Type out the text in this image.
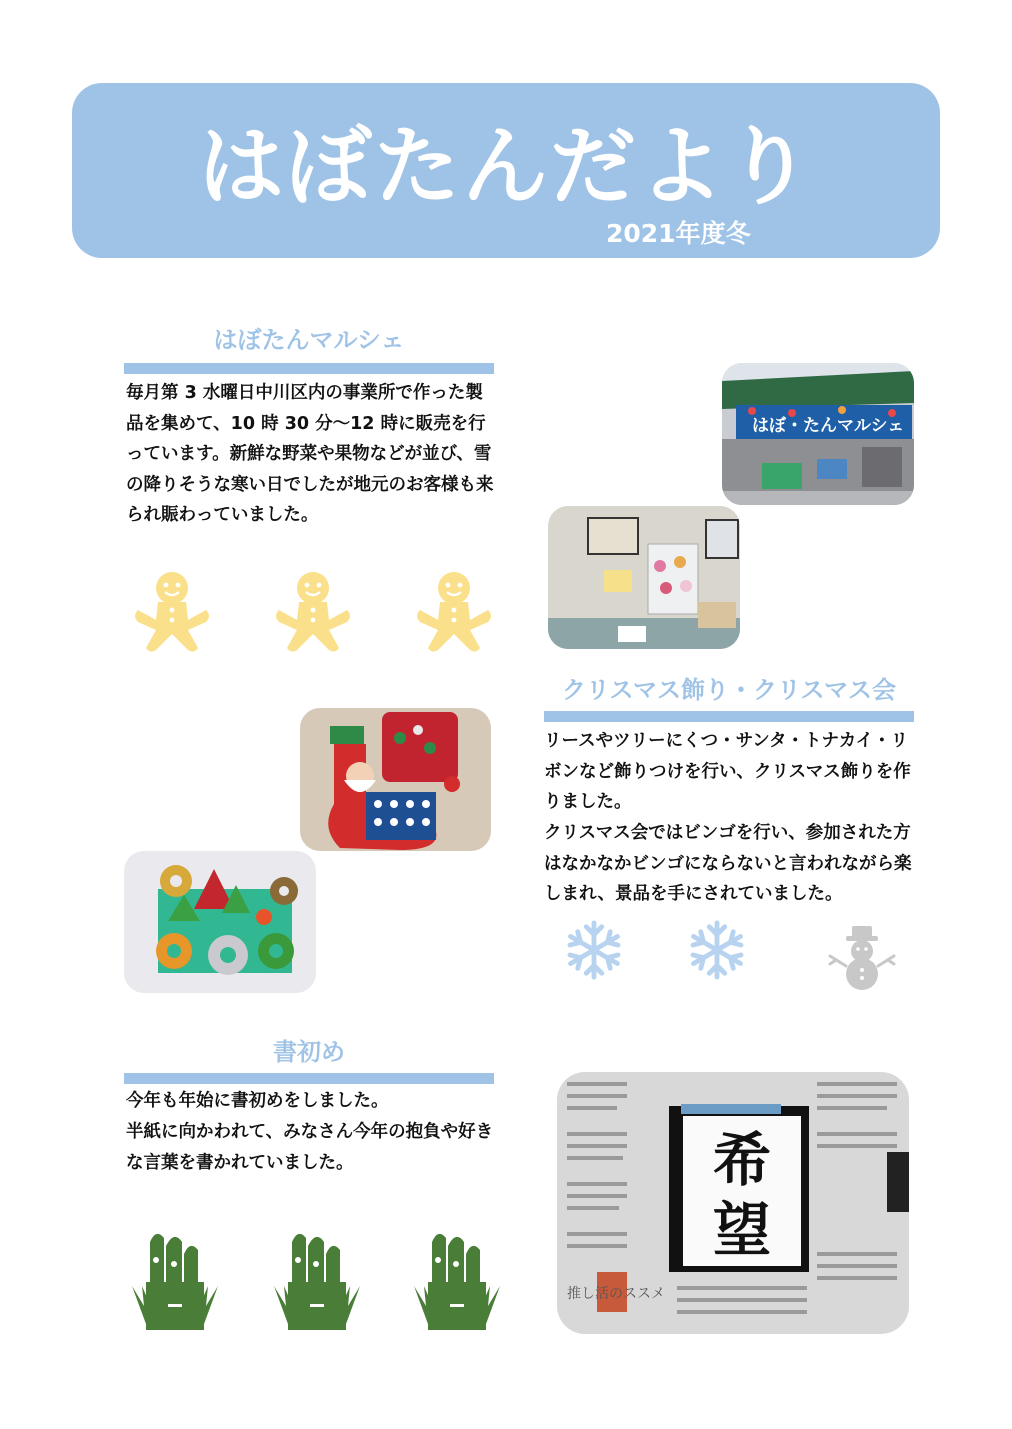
はぼたんだより
2021年度冬
はぼたんマルシェ
毎月第 3 水曜日中川区内の事業所で作った製品を集めて、10 時 30 分～12 時に販売を行っています。新鮮な野菜や果物などが並び、雪の降りそうな寒い日でしたが地元のお客様も来られ賑わっていました。
はぼ・たんマルシェ
クリスマス飾り・クリスマス会
リースやツリーにくつ・サンタ・トナカイ・リボンなど飾りつけを行い、クリスマス飾りを作りました。
クリスマス会ではビンゴを行い、参加された方はなかなかビンゴにならないと言われながら楽しまれ、景品を手にされていました。
書初め
今年も年始に書初めをしました。
半紙に向かわれて、みなさん今年の抱負や好きな言葉を書かれていました。
推し活のススメ
希
望
